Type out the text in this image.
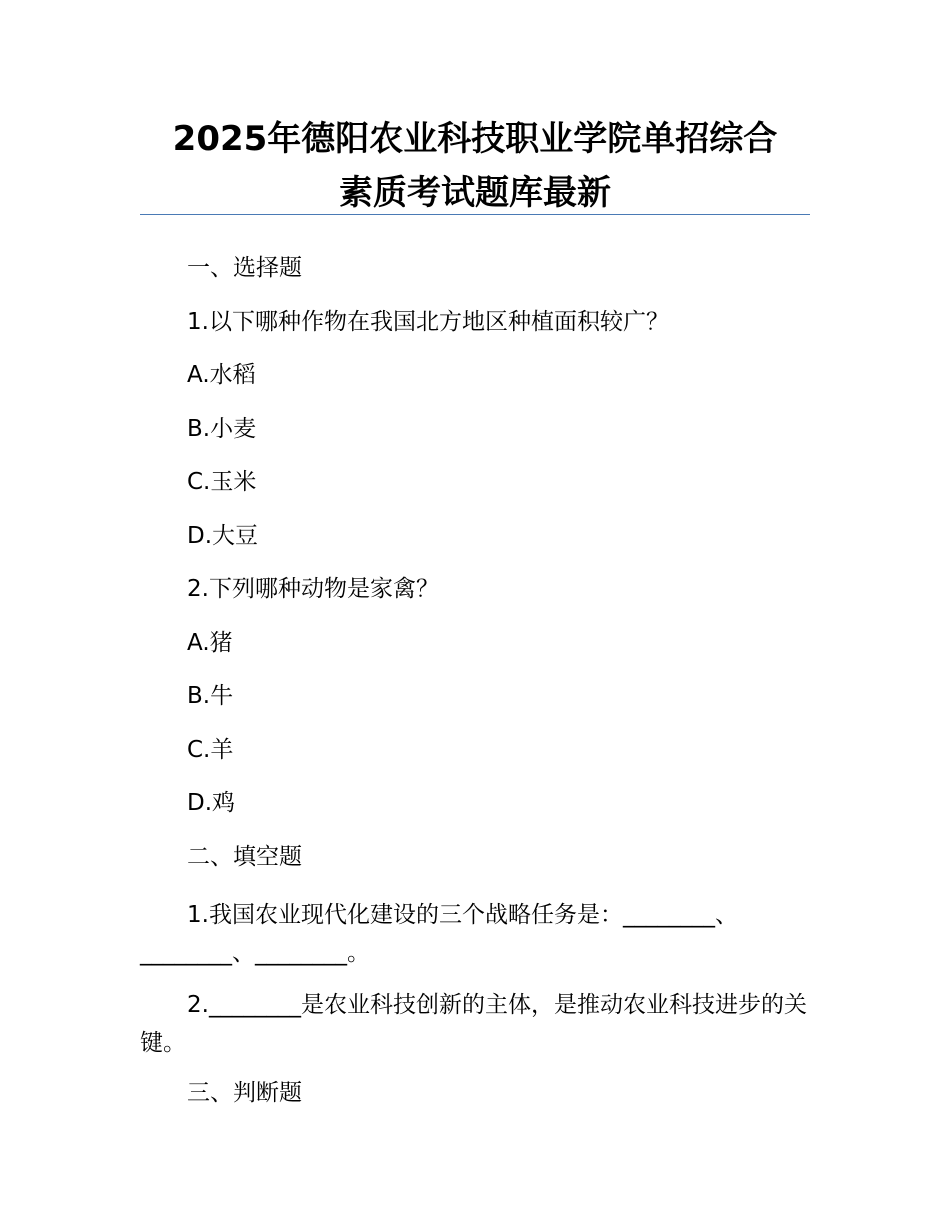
2025年德阳农业科技职业学院单招综合
素质考试题库最新
一、选择题
1.以下哪种作物在我国北方地区种植面积较广？
A.水稻
B.小麦
C.玉米
D.大豆
2.下列哪种动物是家禽？
A.猪
B.牛
C.羊
D.鸡
二、填空题
1.我国农业现代化建设的三个战略任务是：________、________、________。
2.________是农业科技创新的主体，是推动农业科技进步的关键。
三、判断题
